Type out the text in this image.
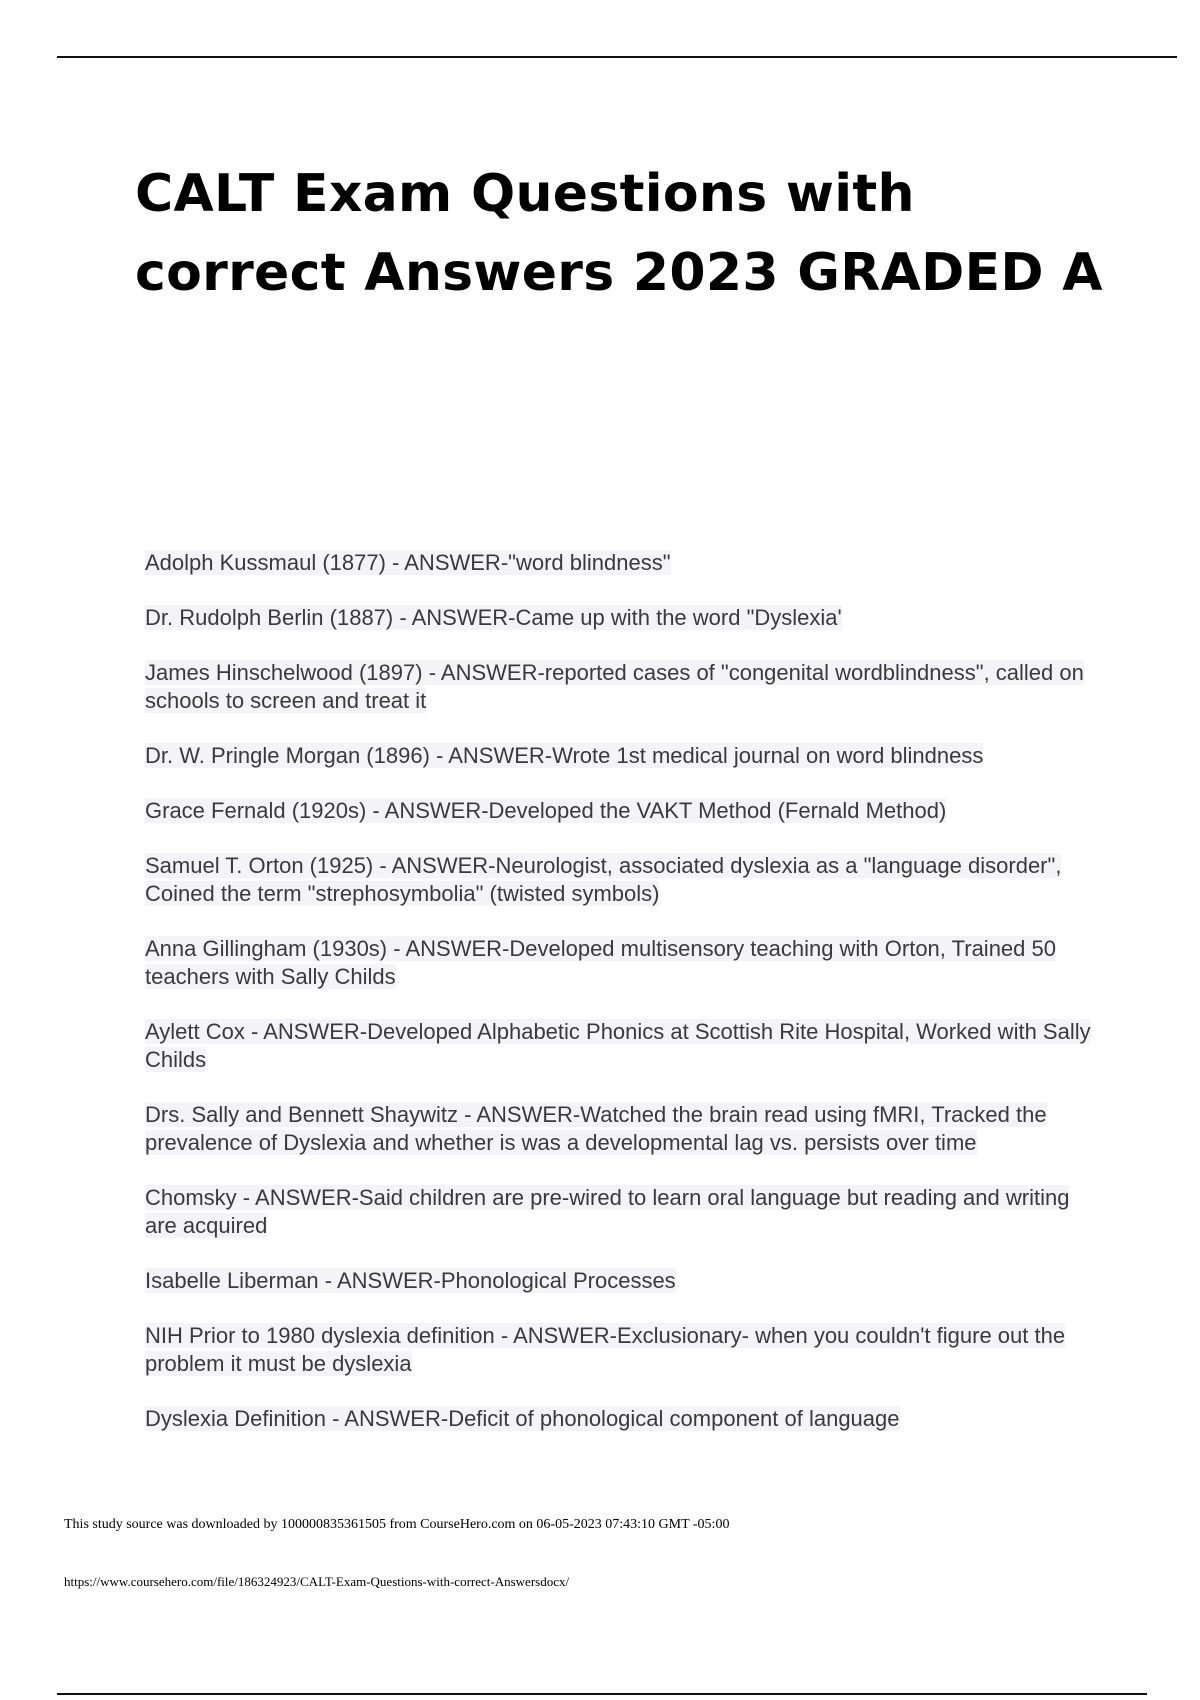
CALT Exam Questions with correct Answers 2023 GRADED A
Adolph Kussmaul (1877) - ANSWER-"word blindness"
Dr. Rudolph Berlin (1887) - ANSWER-Came up with the word "Dyslexia'
James Hinschelwood (1897) - ANSWER-reported cases of "congenital wordblindness", called on schools to screen and treat it
Dr. W. Pringle Morgan (1896) - ANSWER-Wrote 1st medical journal on word blindness
Grace Fernald (1920s) - ANSWER-Developed the VAKT Method (Fernald Method)
Samuel T. Orton (1925) - ANSWER-Neurologist, associated dyslexia as a "language disorder", Coined the term "strephosymbolia" (twisted symbols)
Anna Gillingham (1930s) - ANSWER-Developed multisensory teaching with Orton, Trained 50 teachers with Sally Childs
Aylett Cox - ANSWER-Developed Alphabetic Phonics at Scottish Rite Hospital, Worked with Sally Childs
Drs. Sally and Bennett Shaywitz - ANSWER-Watched the brain read using fMRI, Tracked the prevalence of Dyslexia and whether is was a developmental lag vs. persists over time
Chomsky - ANSWER-Said children are pre-wired to learn oral language but reading and writing are acquired
Isabelle Liberman - ANSWER-Phonological Processes
NIH Prior to 1980 dyslexia definition - ANSWER-Exclusionary- when you couldn't figure out the problem it must be dyslexia
Dyslexia Definition - ANSWER-Deficit of phonological component of language

This study source was downloaded by 100000835361505 from CourseHero.com on 06-05-2023 07:43:10 GMT -05:00

https://www.coursehero.com/file/186324923/CALT-Exam-Questions-with-correct-Answersdocx/
